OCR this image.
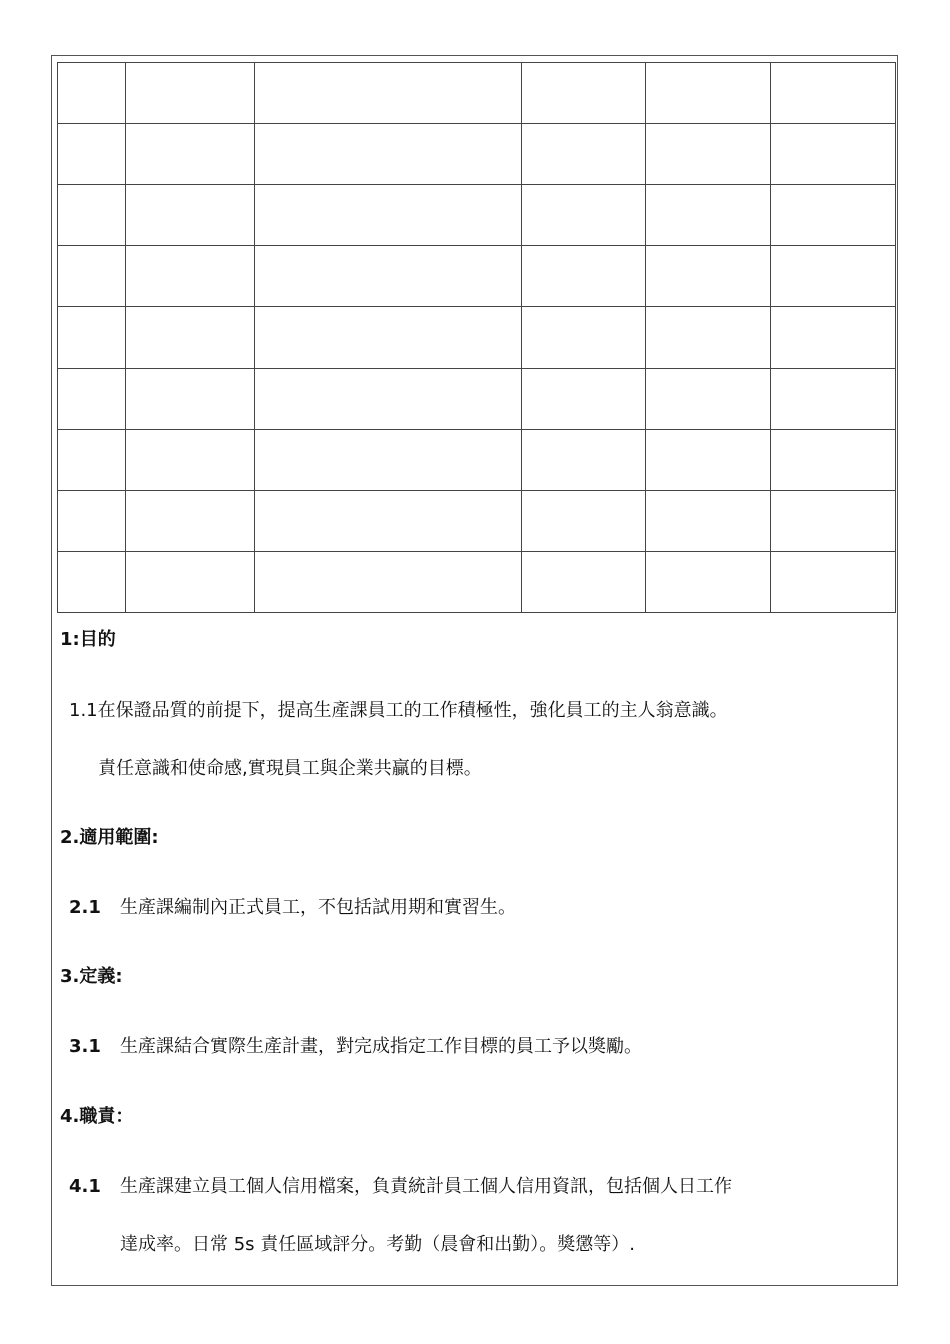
1:目的
1.1在保證品質的前提下，提高生產課員工的工作積極性，強化員工的主人翁意識。
責任意識和使命感,實現員工與企業共贏的目標。
2.適用範圍:
2.1 生產課編制內正式員工，不包括試用期和實習生。
3.定義:
3.1 生產課結合實際生產計畫，對完成指定工作目標的員工予以獎勵。
4.職責：
4.1 生產課建立員工個人信用檔案，負責統計員工個人信用資訊，包括個人日工作
達成率。日常 5s 責任區域評分。考勤（晨會和出勤）。獎懲等）.
